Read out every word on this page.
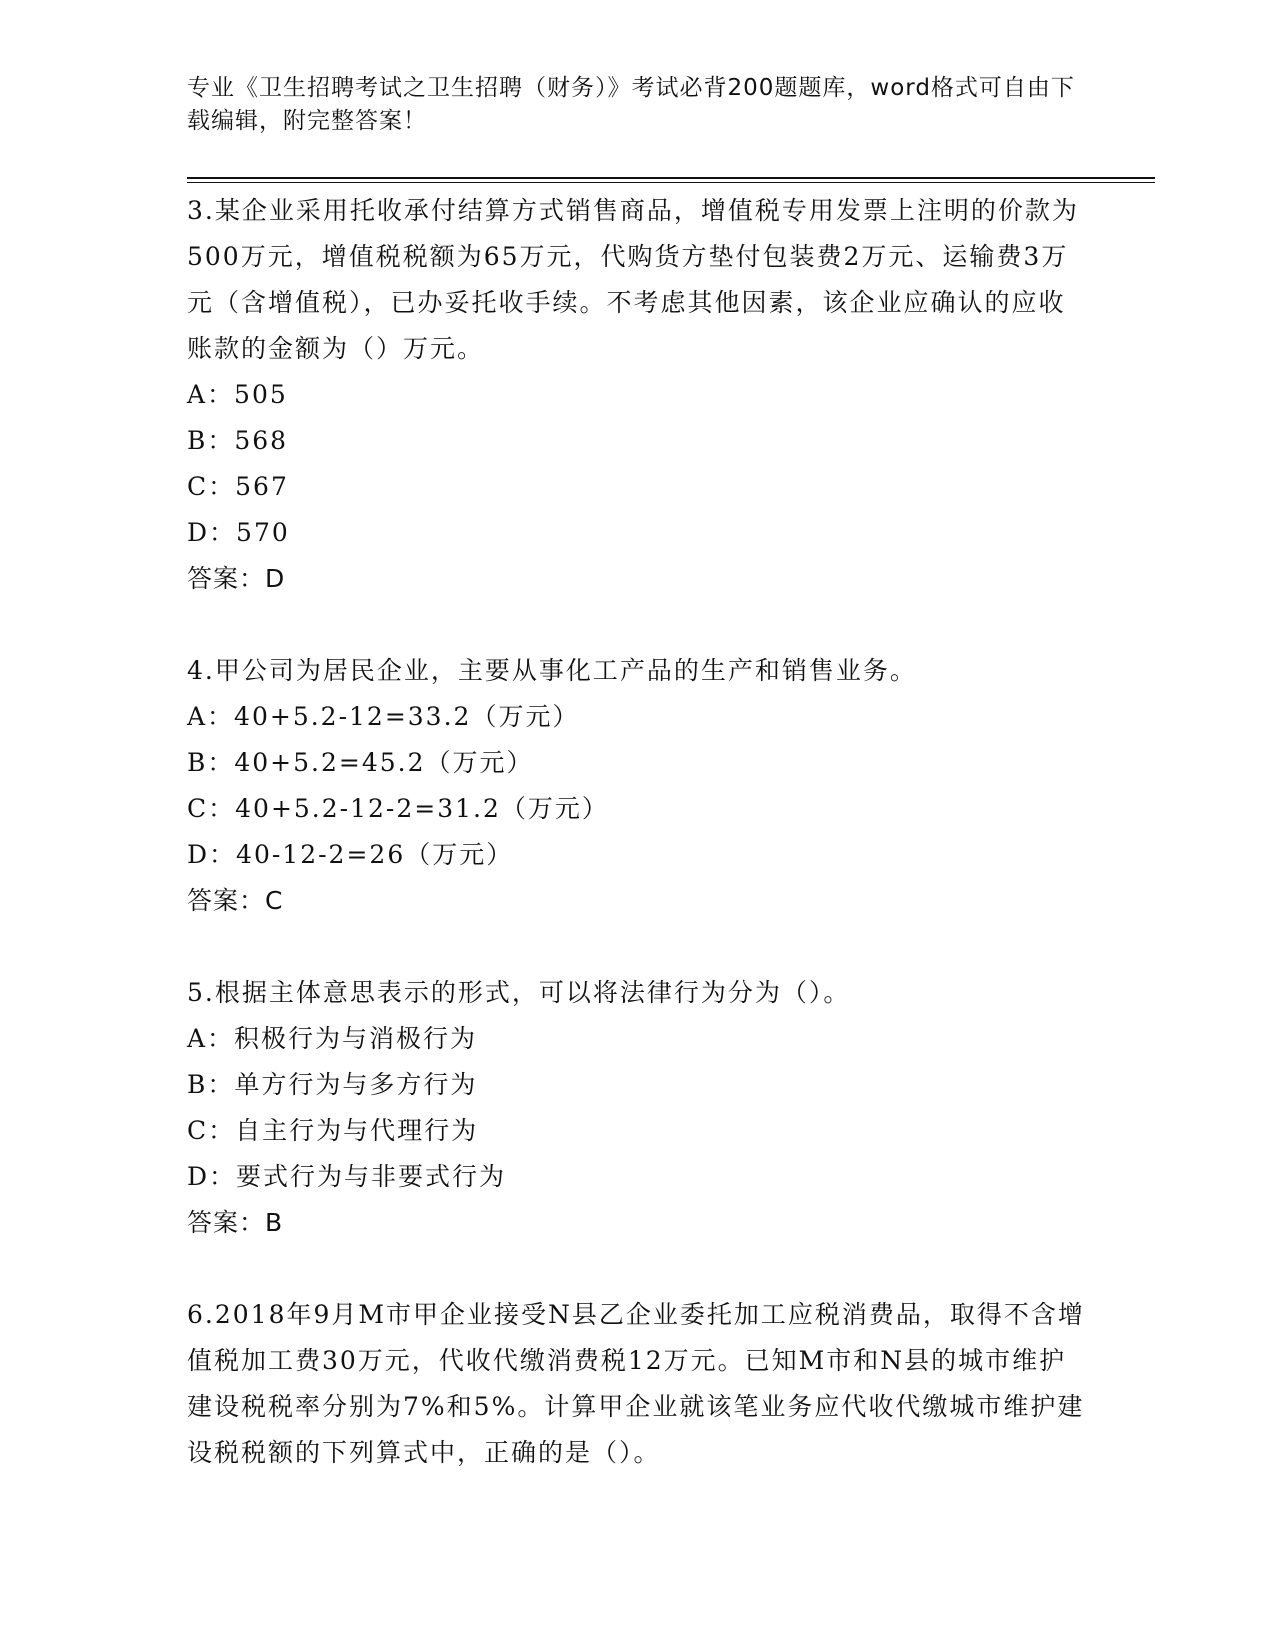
专业《卫生招聘考试之卫生招聘（财务）》考试必背200题题库，word格式可自由下载编辑，附完整答案！

3.某企业采用托收承付结算方式销售商品，增值税专用发票上注明的价款为500万元，增值税税额为65万元，代购货方垫付包装费2万元、运输费3万元（含增值税），已办妥托收手续。不考虑其他因素，该企业应确认的应收账款的金额为（）万元。

A：505

B：568

C：567

D：570

答案：D

4.甲公司为居民企业，主要从事化工产品的生产和销售业务。

A：40+5.2-12=33.2（万元）

B：40+5.2=45.2（万元）

C：40+5.2-12-2=31.2（万元）

D：40-12-2=26（万元）

答案：C

5.根据主体意思表示的形式，可以将法律行为分为（）。

A：积极行为与消极行为

B：单方行为与多方行为

C：自主行为与代理行为

D：要式行为与非要式行为

答案：B

6.2018年9月M市甲企业接受N县乙企业委托加工应税消费品，取得不含增值税加工费30万元，代收代缴消费税12万元。已知M市和N县的城市维护建设税税率分别为7%和5%。计算甲企业就该笔业务应代收代缴城市维护建设税税额的下列算式中，正确的是（）。
